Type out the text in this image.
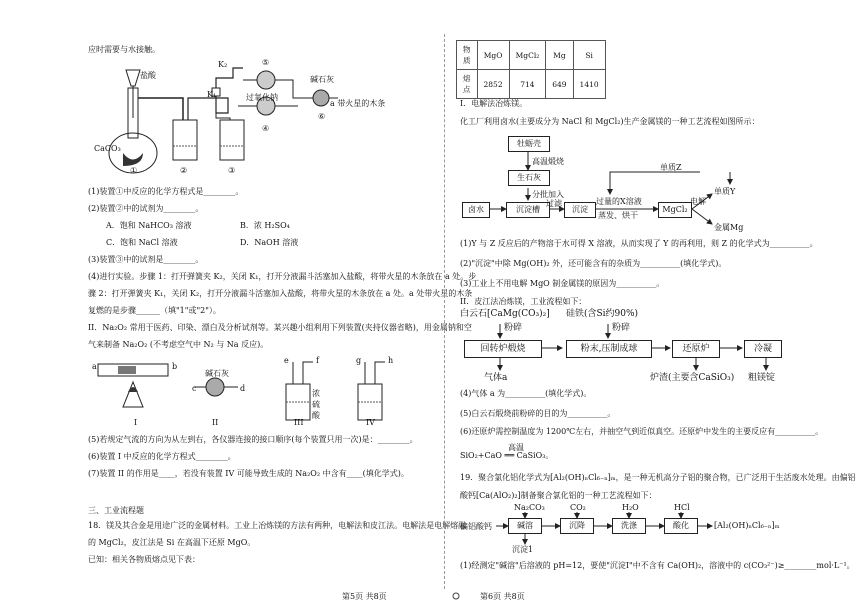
应时需要与水接触。
盐酸
CaCO₃
K₂
K₁	过氧化钠
碱石灰
a 带火星的木条
①	②	③
④
⑤
⑥
(1)装置①中反应的化学方程式是________。
(2)装置②中的试剂为________。
A．饱和 NaHCO₃ 溶液	B．浓 H₂SO₄
C．饱和 NaCl 溶液	D．NaOH 溶液
(3)装置③中的试剂是________。
(4)进行实验。步骤 1：打开弹簧夹 K₂，关闭 K₁，打开分液漏斗活塞加入盐酸，将带火星的木条放在 a 处。步
骤 2：打开弹簧夹 K₁，关闭 K₂，打开分液漏斗活塞加入盐酸，将带火星的木条放在 a 处。a 处带火星的木条
复燃的是步骤______（填"1"或"2"）。
II．Na₂O₂ 常用于医药、印染、漂白及分析试剂等。某兴趣小组利用下列装置(夹持仪器省略)，用金属钠和空
气来制备 Na₂O₂ (不考虑空气中 N₂ 与 Na 反应)。
a	b
c	d
e	f	g	h
碱石灰
浓硫酸
I	II	III	IV
(5)若规定气流的方向为从左到右，各仪器连接的接口顺序(每个装置只用一次)是：________。
(6)装置 I 中反应的化学方程式________。
(7)装置 II 的作用是____，若没有装置 IV 可能导致生成的 Na₂O₂ 中含有____(填化学式)。
三、工业流程题
18．镁及其合金是用途广泛的金属材料。工业上冶炼镁的方法有两种，电解法和皮江法。电解法是电解熔融
的 MgCl₂，皮江法是 Si 在高温下还原 MgO。
已知：相关各物质熔点见下表：
物质	MgO	MgCl₂	Mg	Si
熔点	2852	714	649	1410
I．电解法冶炼镁。
化工厂利用卤水(主要成分为 NaCl 和 MgCl₂)生产金属镁的一种工艺流程如图所示：
牡蛎壳
高温煅烧
生石灰
分批加入
卤水	沉淀槽
过滤
沉淀
过量的X溶液
蒸发、烘干
MgCl₂
电解
单质Y
单质Z
金属Mg
(1)Y 与 Z 反应后的产物溶于水可得 X 溶液，从而实现了 Y 的再利用，则 Z 的化学式为__________。
(2)"沉淀"中除 Mg(OH)₂ 外，还可能含有的杂质为__________(填化学式)。
(3)工业上不用电解 MgO 制金属镁的原因为__________。
II．皮江法冶炼镁，工业流程如下：
白云石[CaMg(CO₃)₂] 硅铁(含Si约90%)
粉碎	粉碎
回转炉煅烧	粉末,压制成球	还原炉	冷凝
气体a	炉渣(主要含CaSiO₃) 粗镁锭
(4)气体 a 为__________(填化学式)。
(5)白云石煅烧前粉碎的目的为__________。
(6)还原炉需控制温度为 1200℃左右，并抽空气到近似真空。还原炉中发生的主要反应有__________。
高温
SiO₂+CaO ══ CaSiO₃。
19．聚合氯化铝化学式为[Al₂(OH)ₙCl₆₋ₙ]ₘ，是一种无机高分子铝的聚合物，已广泛用于生活废水处理。由偏铝
酸钙[Ca(AlO₂)₂]制备聚合氯化铝的一种工艺流程如下：
偏铝酸钙
Na₂CO₃	CO₂	H₂O	HCl
碱溶	沉降	洗涤	酸化	[Al₂(OH)ₙCl₆₋ₙ]ₘ
沉淀1
(1)经测定"碱溶"后溶液的 pH=12，要使"沉淀Ⅰ"中不含有 Ca(OH)₂，溶液中的 c(CO₃²⁻)≥________mol·L⁻¹。
第5页 共8页	第6页 共8页
